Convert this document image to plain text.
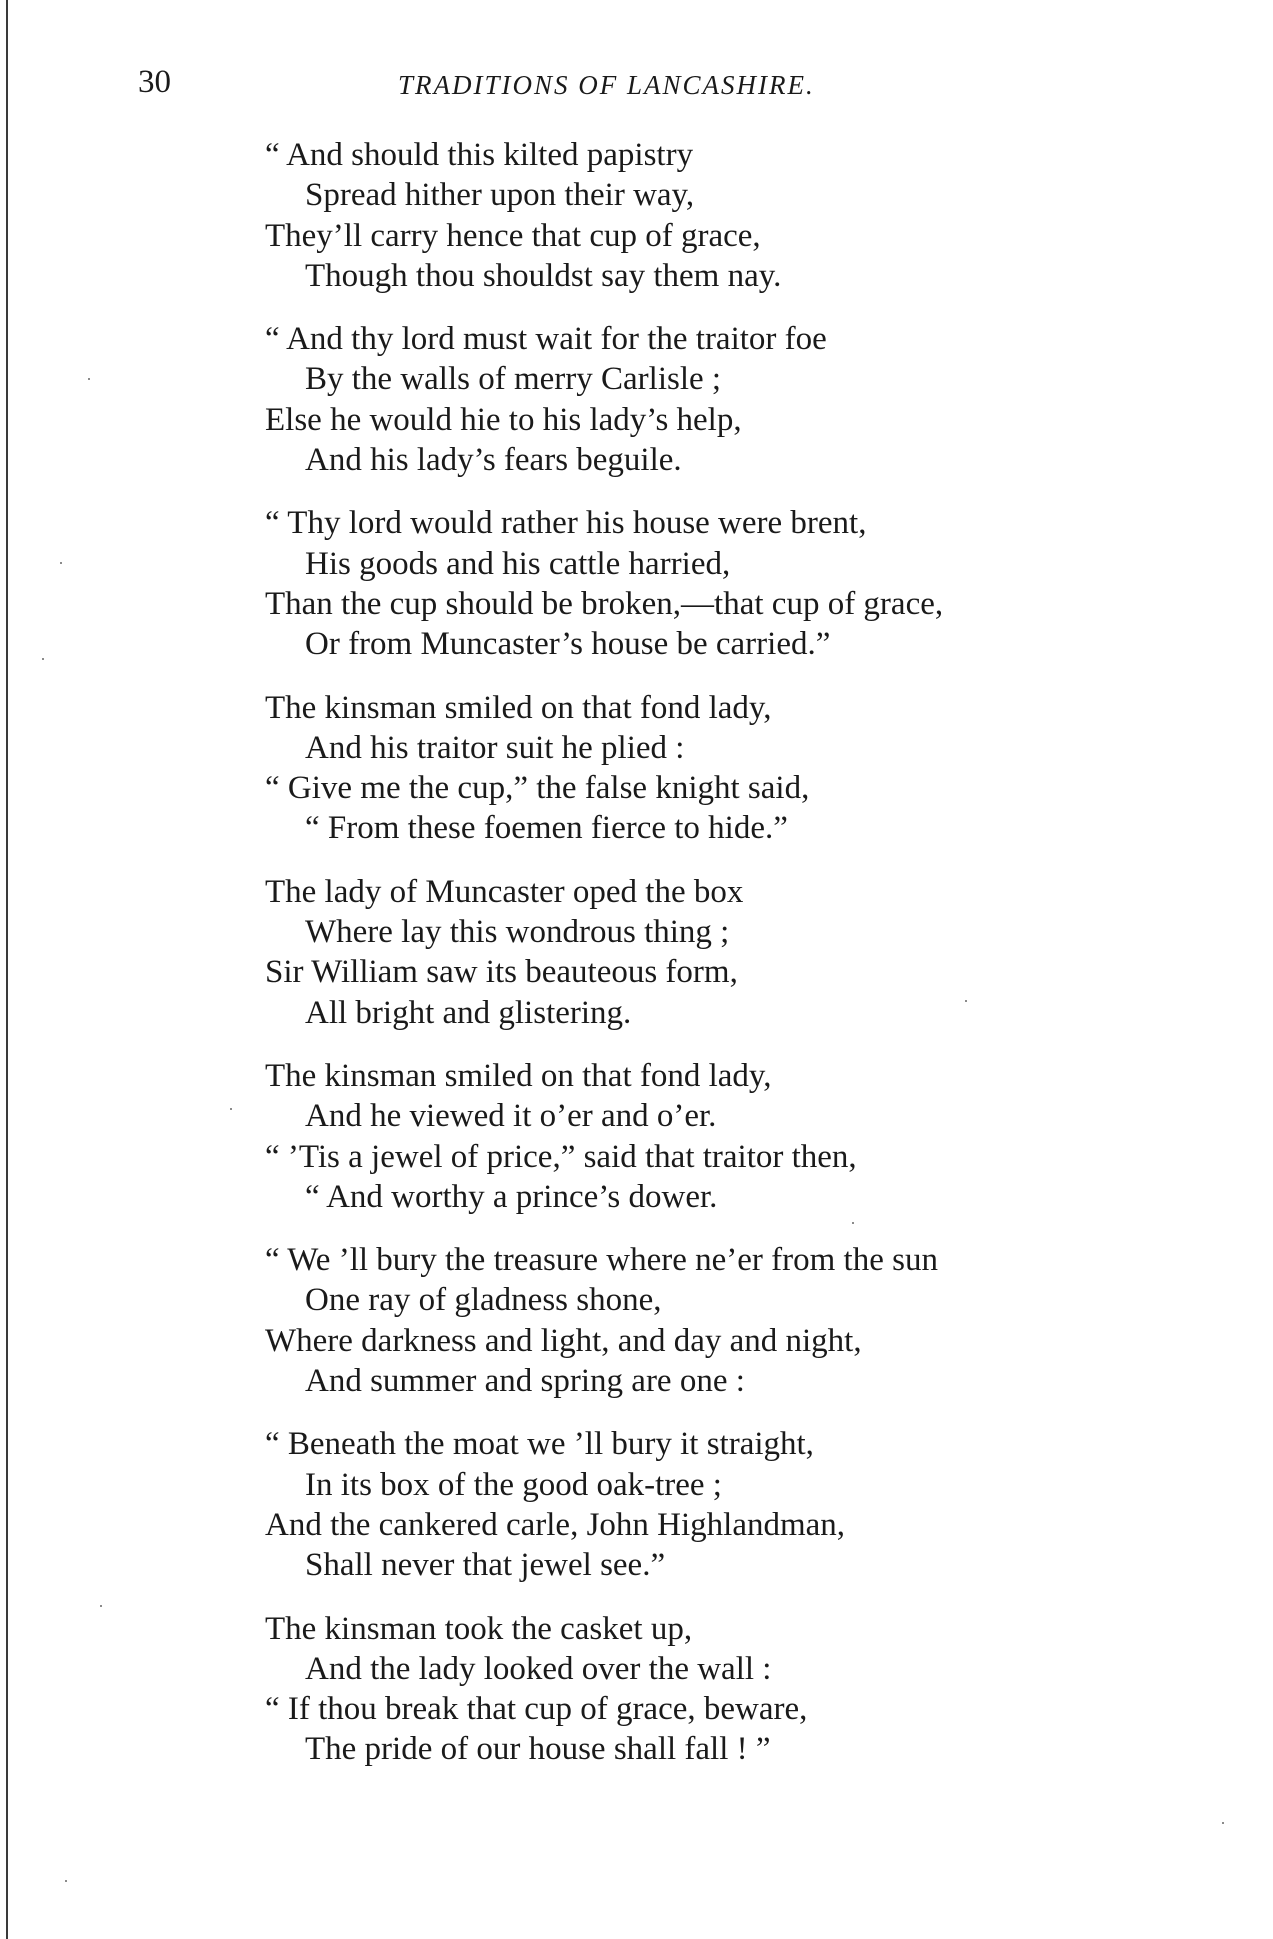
30	TRADITIONS OF LANCASHIRE.
“ And should this kilted papistry
Spread hither upon their way,
They’ll carry hence that cup of grace,
Though thou shouldst say them nay.
“ And thy lord must wait for the traitor foe
By the walls of merry Carlisle ;
Else he would hie to his lady’s help,
And his lady’s fears beguile.
“ Thy lord would rather his house were brent,
His goods and his cattle harried,
Than the cup should be broken,—that cup of grace,
Or from Muncaster’s house be carried.”
The kinsman smiled on that fond lady,
And his traitor suit he plied :
“ Give me the cup,” the false knight said,
“ From these foemen fierce to hide.”
The lady of Muncaster oped the box
Where lay this wondrous thing ;
Sir William saw its beauteous form,
All bright and glistering.
The kinsman smiled on that fond lady,
And he viewed it o’er and o’er.
“ ’Tis a jewel of price,” said that traitor then,
“ And worthy a prince’s dower.
“ We ’ll bury the treasure where ne’er from the sun
One ray of gladness shone,
Where darkness and light, and day and night,
And summer and spring are one :
“ Beneath the moat we ’ll bury it straight,
In its box of the good oak-tree ;
And the cankered carle, John Highlandman,
Shall never that jewel see.”
The kinsman took the casket up,
And the lady looked over the wall :
“ If thou break that cup of grace, beware,
The pride of our house shall fall ! ”
